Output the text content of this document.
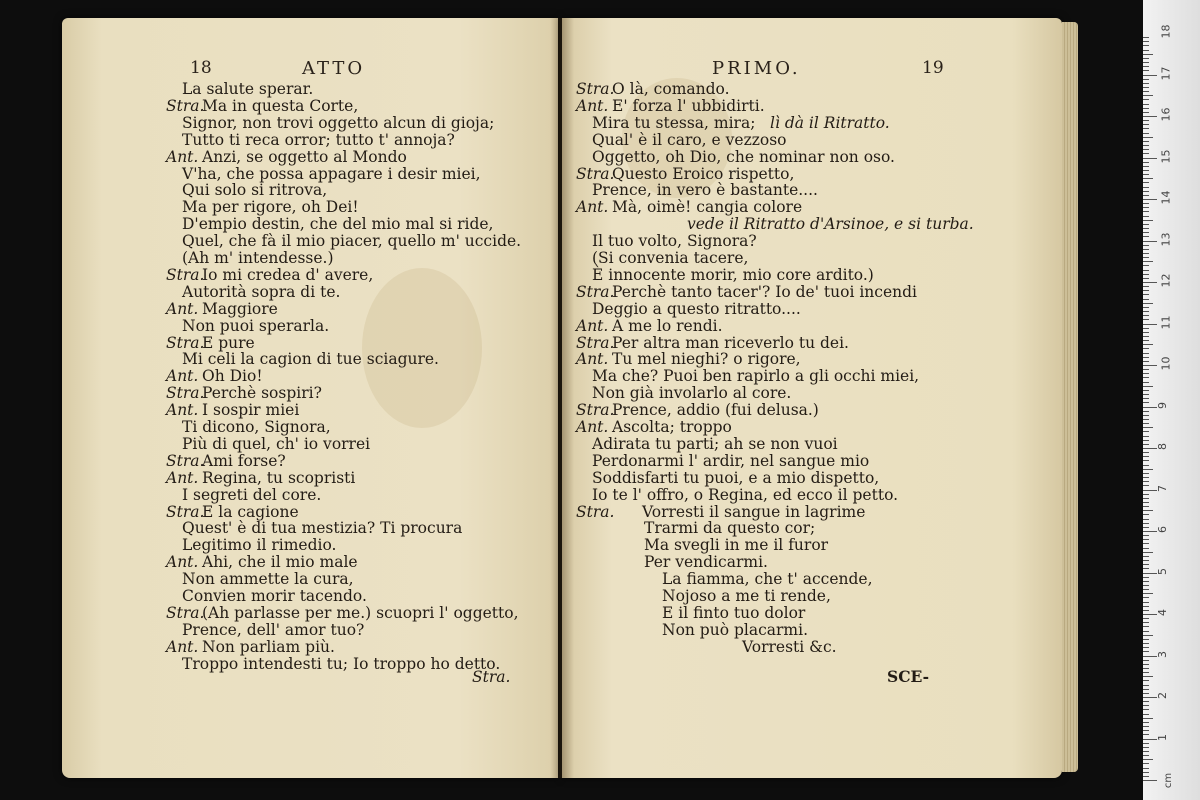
18	ATTO
La salute sperar.
Stra.
Ma in questa Corte,
Signor, non trovi oggetto alcun di gioja;
Tutto ti reca orror; tutto t' annoja?
Ant. Anzi, se oggetto al Mondo
V'ha, che possa appagare i desir miei,
Qui solo si ritrova,
Ma per rigore, oh Dei!
D'empio destin, che del mio mal si ride,
Quel, che fà il mio piacer, quello m' uccide.
(Ah m' intendesse.)
Stra.
Io mi credea d' avere,
Autorità sopra di te.
Ant. Maggiore
Non puoi sperarla.
Stra.
E pure
Mi celi la cagion di tue sciagure.
Ant. Oh Dio!
Stra.
Perchè sospiri?
Ant. I sospir miei
Ti dicono, Signora,
Più di quel, ch' io vorrei
Stra.
Ami forse?
Ant. Regina, tu scopristi
I segreti del core.
Stra.
E la cagione
Quest' è di tua mestizia? Ti procura
Legitimo il rimedio.
Ant. Ahi, che il mio male
Non ammette la cura,
Convien morir tacendo.
Stra.
(Ah parlasse per me.) scuopri l' oggetto,
Prence, dell' amor tuo?
Ant. Non parliam più.
Troppo intendesti tu; Io troppo ho detto.
Stra.
PRIMO.	19
Stra.
O là, comando.
Ant. E' forza l' ubbidirti.
Mira tu stessa, mira; lì dà il Ritratto.
Qual' è il caro, e vezzoso
Oggetto, oh Dio, che nominar non oso.
Stra.
Questo Eroico rispetto,
Prence, in vero è bastante....
Ant. Mà, oimè! cangia colore
vede il Ritratto d'Arsinoe, e si turba.
Il tuo volto, Signora?
(Si convenia tacere,
È innocente morir, mio core ardito.)
Stra.
Perchè tanto tacer'? Io de' tuoi incendi
Deggio a questo ritratto....
Ant. A me lo rendi.
Stra.
Per altra man riceverlo tu dei.
Ant. Tu mel nieghi? o rigore,
Ma che? Puoi ben rapirlo a gli occhi miei,
Non già involarlo al core.
Stra.
Prence, addio (fui delusa.)
Ant. Ascolta; troppo
Adirata tu parti; ah se non vuoi
Perdonarmi l' ardir, nel sangue mio
Soddisfarti tu puoi, e a mio dispetto,
Io te l' offro, o Regina, ed ecco il petto.
Stra. Vorresti il sangue in lagrime
Trarmi da questo cor;
Ma svegli in me il furor
Per vendicarmi.
La fiamma, che t' accende,
Nojoso a me ti rende,
E il finto tuo dolor
Non può placarmi.
Vorresti &c.
SCE-
cm
1
2
3
4
5
6
7
8
9
10
11
12
13
14
15
16
17
18
